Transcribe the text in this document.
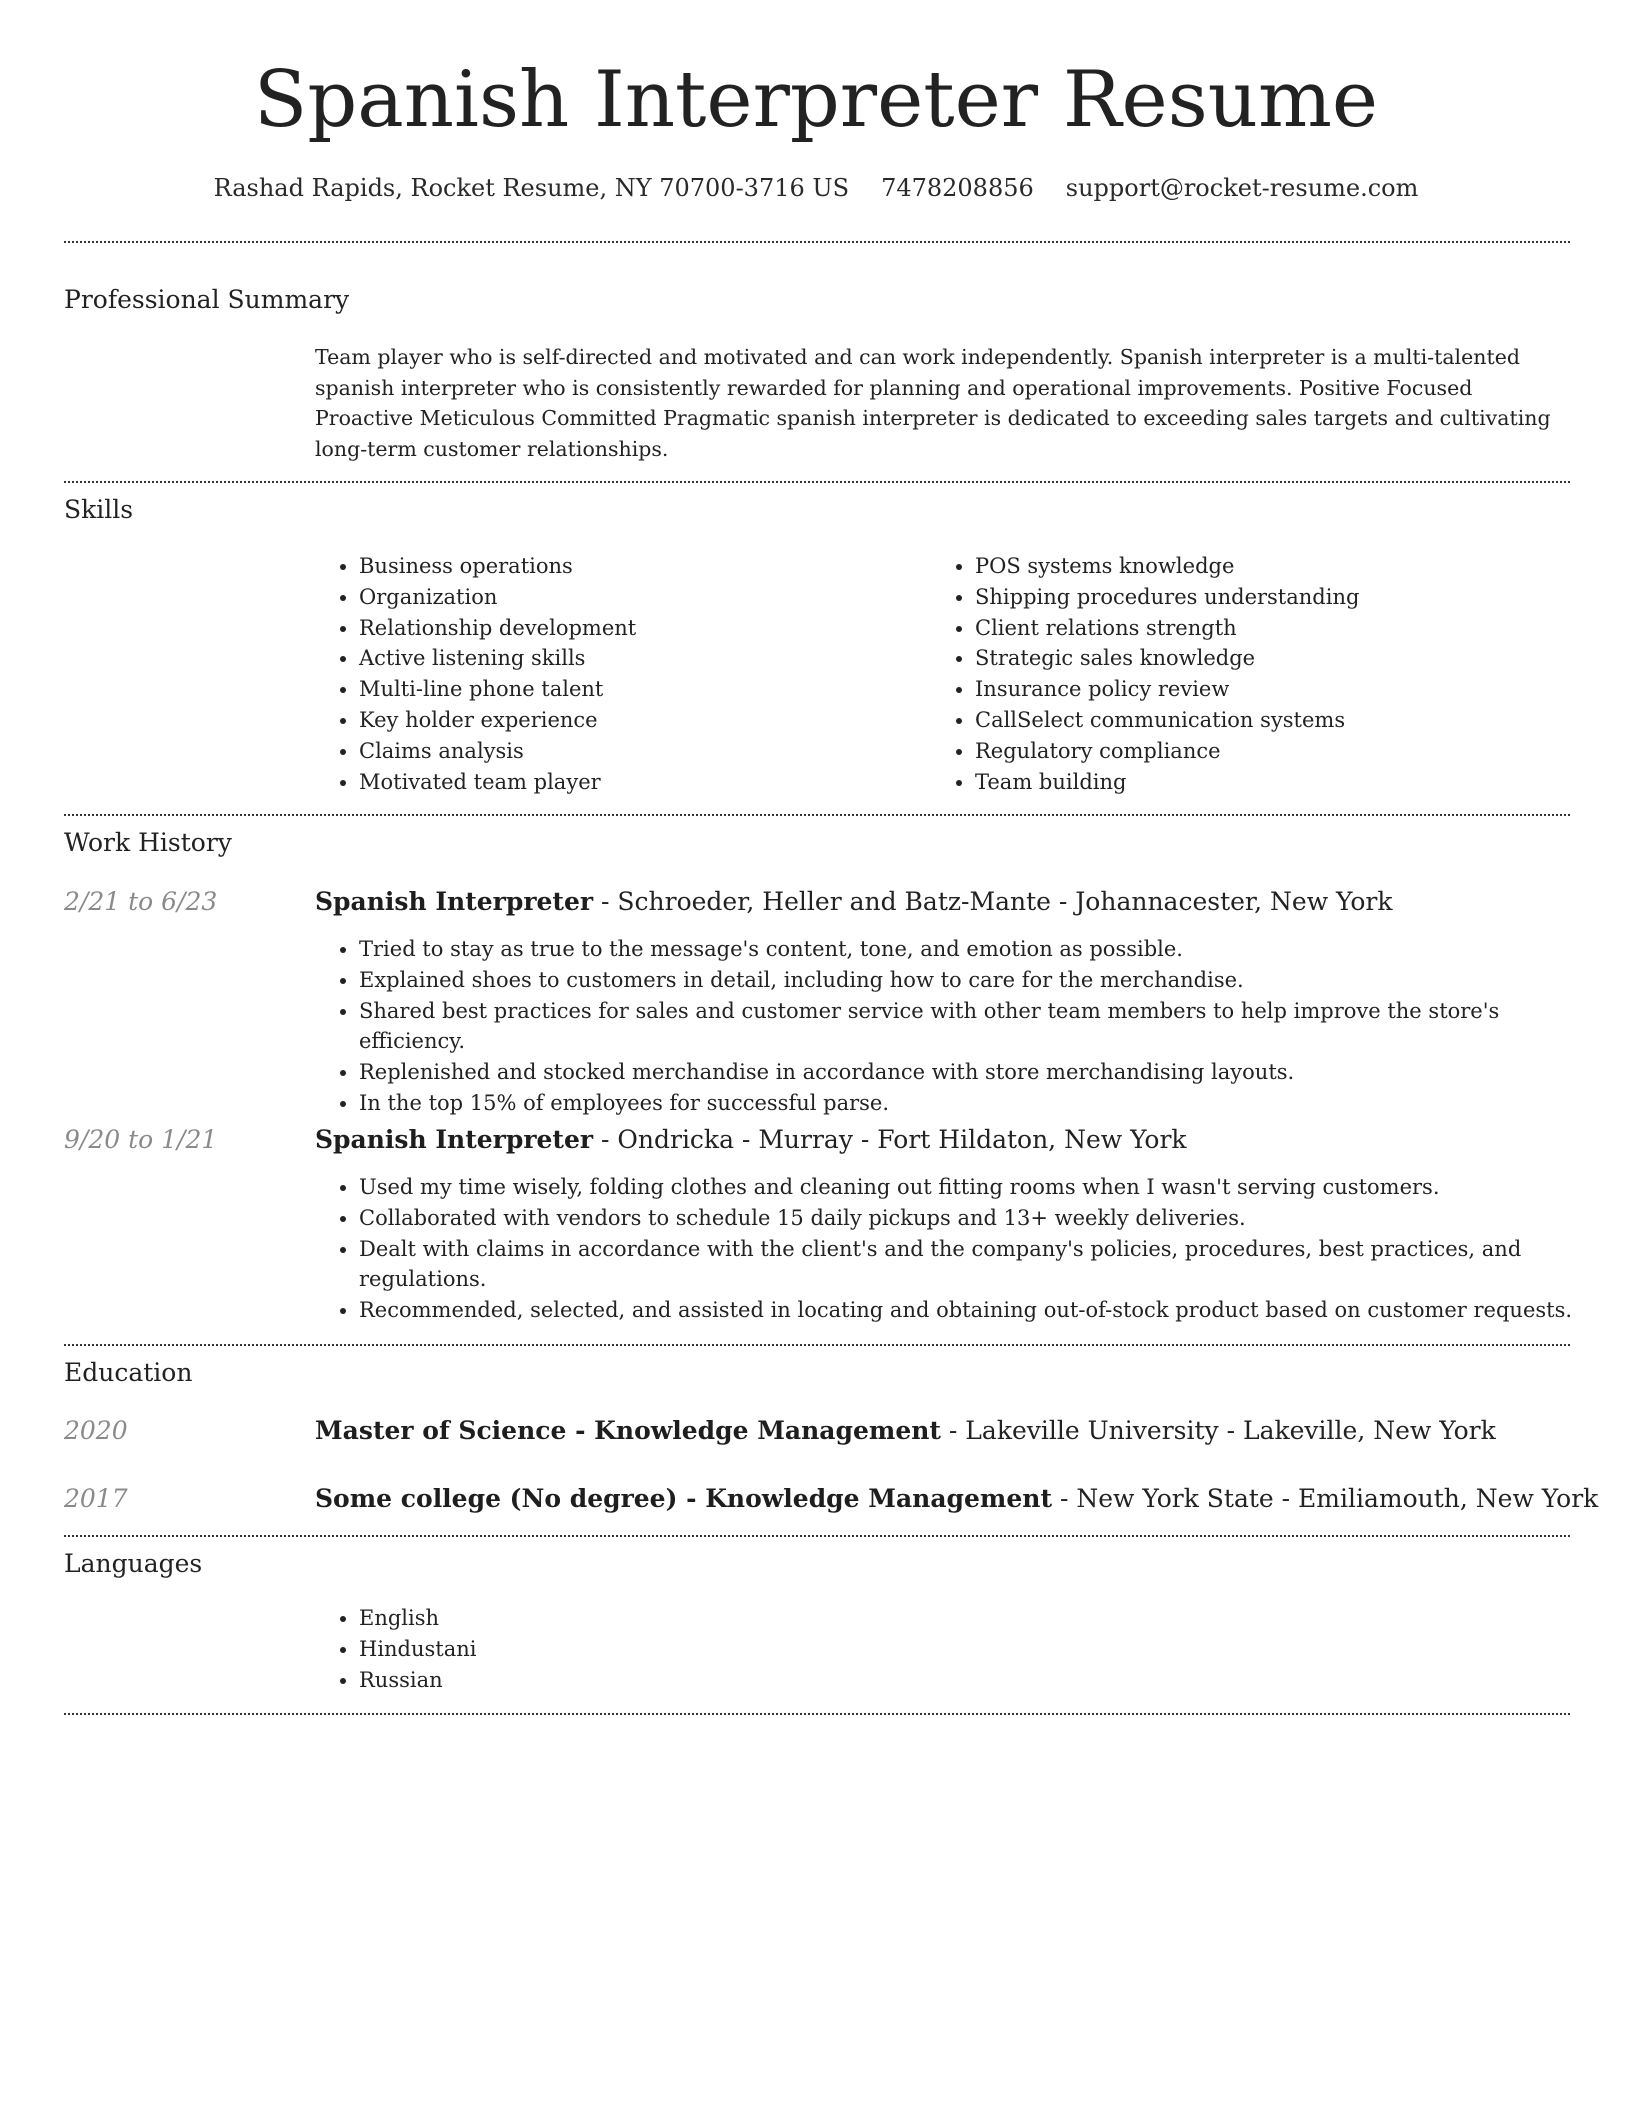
Spanish Interpreter Resume
Rashad Rapids, Rocket Resume, NY 70700-3716 US 7478208856 support@rocket-resume.com
Professional Summary

Team player who is self-directed and motivated and can work independently. Spanish interpreter is a multi-talented spanish interpreter who is consistently rewarded for planning and operational improvements. Positive Focused Proactive Meticulous Committed Pragmatic spanish interpreter is dedicated to exceeding sales targets and cultivating long-term customer relationships.

Skills
• Business operations
• Organization
• Relationship development
• Active listening skills
• Multi-line phone talent
• Key holder experience
• Claims analysis
• Motivated team player
• POS systems knowledge
• Shipping procedures understanding
• Client relations strength
• Strategic sales knowledge
• Insurance policy review
• CallSelect communication systems
• Regulatory compliance
• Team building
Work History
2/21 to 6/23	Spanish Interpreter - Schroeder, Heller and Batz-Mante - Johannacester, New York
• Tried to stay as true to the message's content, tone, and emotion as possible.
• Explained shoes to customers in detail, including how to care for the merchandise.
• Shared best practices for sales and customer service with other team members to help improve the store's efficiency.
• Replenished and stocked merchandise in accordance with store merchandising layouts.
• In the top 15% of employees for successful parse.
9/20 to 1/21	Spanish Interpreter - Ondricka - Murray - Fort Hildaton, New York
• Used my time wisely, folding clothes and cleaning out fitting rooms when I wasn't serving customers.
• Collaborated with vendors to schedule 15 daily pickups and 13+ weekly deliveries.
• Dealt with claims in accordance with the client's and the company's policies, procedures, best practices, and regulations.
• Recommended, selected, and assisted in locating and obtaining out-of-stock product based on customer requests.
Education
2020	Master of Science - Knowledge Management - Lakeville University - Lakeville, New York
2017	Some college (No degree) - Knowledge Management - New York State - Emiliamouth, New York
Languages
• English
• Hindustani
• Russian
